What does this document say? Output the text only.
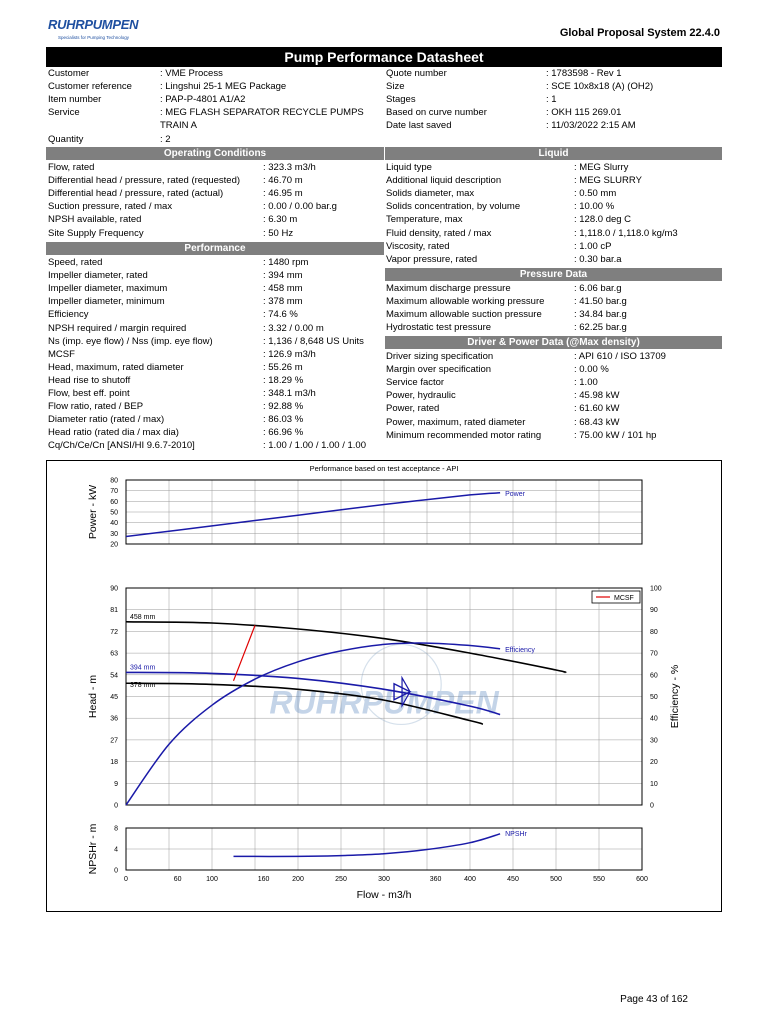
RUHRPUMPEN
Specialists for Pumping Technology	Global Proposal System 22.4.0
Pump Performance Datasheet
Customer	: VME Process
Customer reference	: Lingshui 25-1 MEG Package
Item number	: PAP-P-4801 A1/A2
Service	: MEG FLASH SEPARATOR RECYCLE PUMPS
TRAIN A
Quantity	: 2
Quote number	: 1783598 - Rev 1
Size	: SCE 10x8x18 (A) (OH2)
Stages	: 1
Based on curve number	: OKH 115 269.01
Date last saved	: 11/03/2022 2:15 AM
Operating Conditions
Flow, rated	: 323.3 m3/h
Differential head / pressure, rated (requested) : 46.70 m
Differential head / pressure, rated (actual)	: 46.95 m
Suction pressure, rated / max	: 0.00 / 0.00 bar.g
NPSH available, rated	: 6.30 m
Site Supply Frequency	: 50 Hz
Performance
Speed, rated	: 1480 rpm
Impeller diameter, rated	: 394 mm
Impeller diameter, maximum	: 458 mm
Impeller diameter, minimum	: 378 mm
Efficiency	: 74.6 %
NPSH required / margin required	: 3.32 / 0.00 m
Ns (imp. eye flow) / Nss (imp. eye flow)	: 1,136 / 8,648 US Units
MCSF	: 126.9 m3/h
Head, maximum, rated diameter	: 55.26 m
Head rise to shutoff	: 18.29 %
Flow, best eff. point	: 348.1 m3/h
Flow ratio, rated / BEP	: 92.88 %
Diameter ratio (rated / max)	: 86.03 %
Head ratio (rated dia / max dia)	: 66.96 %
Cq/Ch/Ce/Cn [ANSI/HI 9.6.7-2010]	: 1.00 / 1.00 / 1.00 / 1.00
Liquid
Liquid type	: MEG Slurry
Additional liquid description	: MEG SLURRY
Solids diameter, max	: 0.50 mm
Solids concentration, by volume	: 10.00 %
Temperature, max	: 128.0 deg C
Fluid density, rated / max	: 1,118.0 / 1,118.0 kg/m3
Viscosity, rated	: 1.00 cP
Vapor pressure, rated	: 0.30 bar.a
Pressure Data
Maximum discharge pressure	: 6.06 bar.g
Maximum allowable working pressure	: 41.50 bar.g
Maximum allowable suction pressure	: 34.84 bar.g
Hydrostatic test pressure	: 62.25 bar.g
Driver & Power Data (@Max density)
Driver sizing specification	: API 610 / ISO 13709
Margin over specification	: 0.00 %
Service factor	: 1.00
Power, hydraulic	: 45.98 kW
Power, rated	: 61.60 kW
Power, maximum, rated diameter	: 68.43 kW
Minimum recommended motor rating	: 75.00 kW / 101 hp
Performance based on test acceptance - API
20
30
40
50
60
70
80
Power - kW	Power
0
9
18
27
36
45
54
63
72
81
90
Head - m
0
10
20
30
40
50
60
70
80
90
100
Efficiency - %
RUHRPUMPEN
Efficiency
458 mm
394 mm
378 mm
MCSF
0
4
8
NPSHr - m	NPSHr
0	60	100	160	200	250	300	360	400	450	500	550	600
Flow - m3/h
Page 43 of 162
